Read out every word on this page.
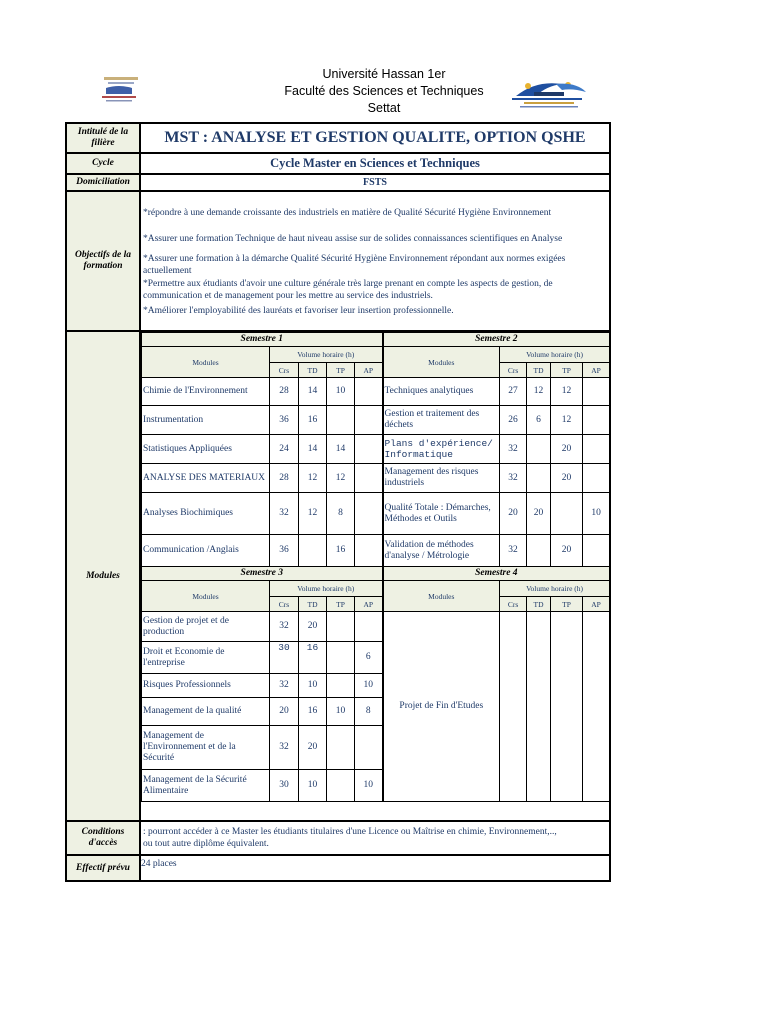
Université Hassan 1er
Faculté des Sciences et Techniques
Settat
Intitulé de la filière	MST : ANALYSE ET GESTION QUALITE, OPTION QSHE
Cycle	Cycle Master en Sciences et Techniques
Domiciliation	FSTS
Objectifs de la formation	

*répondre à une demande croissante des industriels en matière de Qualité Sécurité Hygiène Environnement

*Assurer une formation Technique de haut niveau assise sur de solides connaissances scientifiques en Analyse

*Assurer une formation à la démarche Qualité Sécurité Hygiène Environnement répondant aux normes exigées actuellement

*Permettre aux étudiants d'avoir une culture générale très large prenant en compte les aspects de gestion, de communication et de management pour les mettre au service des industriels.

*Améliorer l'employabilité des lauréats et favoriser leur insertion professionnelle.

Modules	
Semestre 1	Semestre 2
Modules	Volume horaire (h)	Modules	Volume horaire (h)
Crs	TD	TP	AP	Crs	TD	TP	AP
Chimie de l'Environnement	28	14	10		Techniques analytiques	27	12	12	
Instrumentation	36	16			Gestion et traitement des déchets	26	6	12	
Statistiques Appliquées	24	14	14		Plans d'expérience/ Informatique	32		20	
ANALYSE DES MATERIAUX	28	12	12		Management des risques industriels	32		20	
Analyses Biochimiques	32	12	8		Qualité Totale : Démarches, Méthodes et Outils	20	20		10
Communication /Anglais	36		16		Validation de méthodes d'analyse / Métrologie	32		20	
Semestre 3	Semestre 4
Modules	Volume horaire (h)	Modules	Volume horaire (h)
Crs	TD	TP	AP	Crs	TD	TP	AP
Gestion de projet et de production	32	20			Projet de Fin d'Etudes				
Droit et Economie de l'entreprise	30	16		6
Risques Professionnels	32	10		10
Management de la qualité	20	16	10	8
Management de l'Environnement et de la Sécurité	32	20		
Management de la Sécurité Alimentaire	30	10		10

Conditions d'accès	

: pourront accéder à ce Master les étudiants titulaires d'une Licence ou Maîtrise en chimie, Environnement,..,

ou tout autre diplôme équivalent.

Effectif prévu	24 places
